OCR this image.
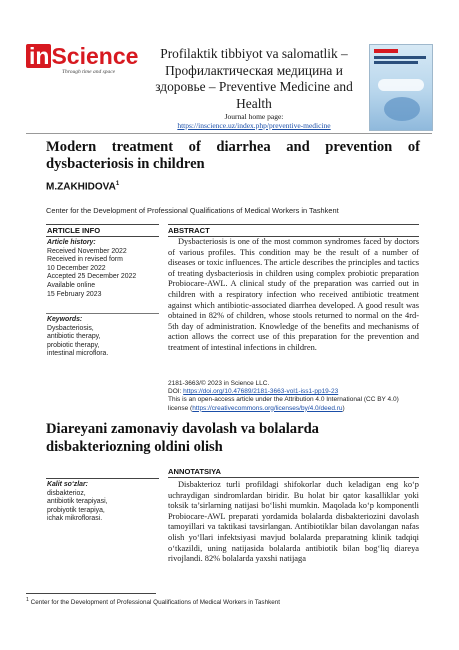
inScience
Through time and space
Profilaktik tibbiyot va salomatlik – Профилактическая медицина и здоровье – Preventive Medicine and Health
Journal home page:
https://inscience.uz/index.php/preventive-medicine
Modern treatment of diarrhea and prevention of
dysbacteriosis in children
M.ZAKHIDOVA$^1$
Center for the Development of Professional Qualifications of Medical Workers in Tashkent
ARTICLE INFO
Article history:
Received November 2022
Received in revised form
10 December 2022
Accepted 25 December 2022
Available online
15 February 2023
Keywords:
Dysbacteriosis,
antibiotic therapy,
probiotic therapy,
intestinal microflora.
ABSTRACT
Dysbacteriosis is one of the most common syndromes faced by doctors of various profiles. This condition may be the result of a number of diseases or toxic influences. The article describes the principles and tactics of treating dysbacteriosis in children using complex probiotic preparation Probiocare-AWL. A clinical study of the preparation was carried out in children with a respiratory infection who received antibiotic treatment against which antibiotic-associated diarrhea developed. A good result was obtained in 82% of children, whose stools returned to normal on the 4rd-5th day of administration. Knowledge of the benefits and mechanisms of action allows the correct use of this preparation for the prevention and treatment of intestinal infections in children.
2181-3663/© 2023 in Science LLC.
DOI: https://doi.org/10.47689/2181-3663-vol1-iss1-pp19-23
This is an open-access article under the Attribution 4.0 International (CC BY 4.0) license (https://creativecommons.org/licenses/by/4.0/deed.ru)
Diareyani zamonaviy davolash va bolalarda disbakteriozning oldini olish
Kalit so‘zlar:
disbakterioz,
antibiotik terapiyasi,
probiyotik terapiya,
ichak mikroflorasi.
ANNOTATSIYA
Disbakterioz turli profildagi shifokorlar duch keladigan eng ko‘p uchraydigan sindromlardan biridir. Bu holat bir qator kasalliklar yoki toksik ta’sirlarning natijasi bo‘lishi mumkin. Maqolada ko‘p komponentli Probiocare-AWL preparati yordamida bolalarda disbakteriozini davolash tamoyillari va taktikasi tavsirlangan. Antibiotiklar bilan davolangan nafas olish yo‘llari infektsiyasi mavjud bolalarda preparatning klinik tadqiqi o‘tkazildi, uning natijasida bolalarda antibiotik bilan bog‘liq diareya rivojlandi. 82% bolalarda yaxshi natijaga
$^1$ Center for the Development of Professional Qualifications of Medical Workers in Tashkent
